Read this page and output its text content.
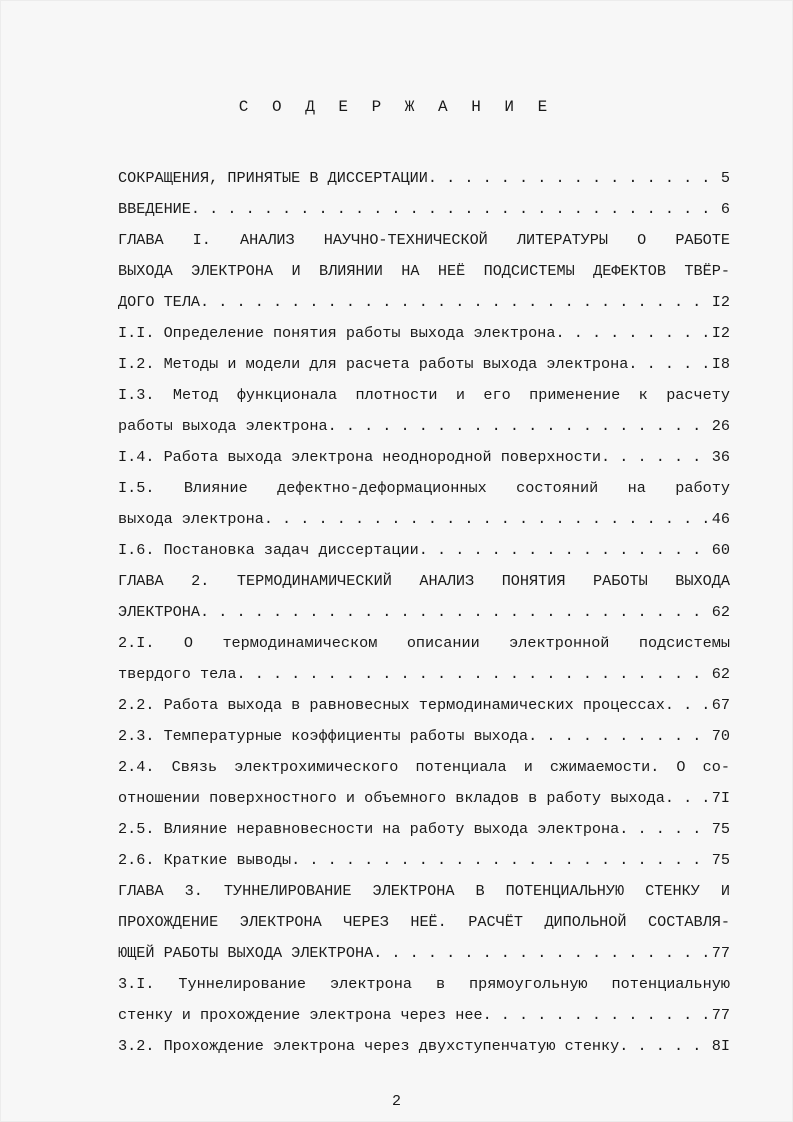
С О Д Е Р Ж А Н И Е
СОКРАЩЕНИЯ, ПРИНЯТЫЕ В ДИССЕРТАЦИИ . . .	5
ВВЕДЕНИЕ . . .	6
ГЛАВА I. АНАЛИЗ НАУЧНО-ТЕХНИЧЕСКОЙ ЛИТЕРАТУРЫ О РАБОТЕ
ВЫХОДА ЭЛЕКТРОНА И ВЛИЯНИИ НА НЕЁ ПОДСИСТЕМЫ ДЕФЕКТОВ ТВЁР-
ДОГО ТЕЛА . . .	I2
I.I. Определение понятия работы выхода электрона . . .	I2
I.2. Методы и модели для расчета работы выхода электрона . . .	I8
I.3. Метод функционала плотности и его применение к расчету
работы выхода электрона . . .	26
I.4. Работа выхода электрона неоднородной поверхности . . .	36
I.5. Влияние дефектно-деформационных состояний на работу
выхода электрона . . .	46
I.6. Постановка задач диссертации . . .	60
ГЛАВА 2. ТЕРМОДИНАМИЧЕСКИЙ АНАЛИЗ ПОНЯТИЯ РАБОТЫ ВЫХОДА
ЭЛЕКТРОНА . . .	62
2.I. О термодинамическом описании электронной подсистемы
твердого тела . . .	62
2.2. Работа выхода в равновесных термодинамических процессах . . .	67
2.3. Температурные коэффициенты работы выхода . . .	70
2.4. Связь электрохимического потенциала и сжимаемости. О со-
отношении поверхностного и объемного вкладов в работу выхода . . .	7I
2.5. Влияние неравновесности на работу выхода электрона . . .	75
2.6. Краткие выводы . . .	75
ГЛАВА 3. ТУННЕЛИРОВАНИЕ ЭЛЕКТРОНА В ПОТЕНЦИАЛЬНУЮ СТЕНКУ И
ПРОХОЖДЕНИЕ ЭЛЕКТРОНА ЧЕРЕЗ НЕЁ. РАСЧЁТ ДИПОЛЬНОЙ СОСТАВЛЯ-
ЮЩЕЙ РАБОТЫ ВЫХОДА ЭЛЕКТРОНА . . .	77
3.I. Туннелирование электрона в прямоугольную потенциальную
стенку и прохождение электрона через нее . . .	77
3.2. Прохождение электрона через двухступенчатую стенку . . .	8I
2
